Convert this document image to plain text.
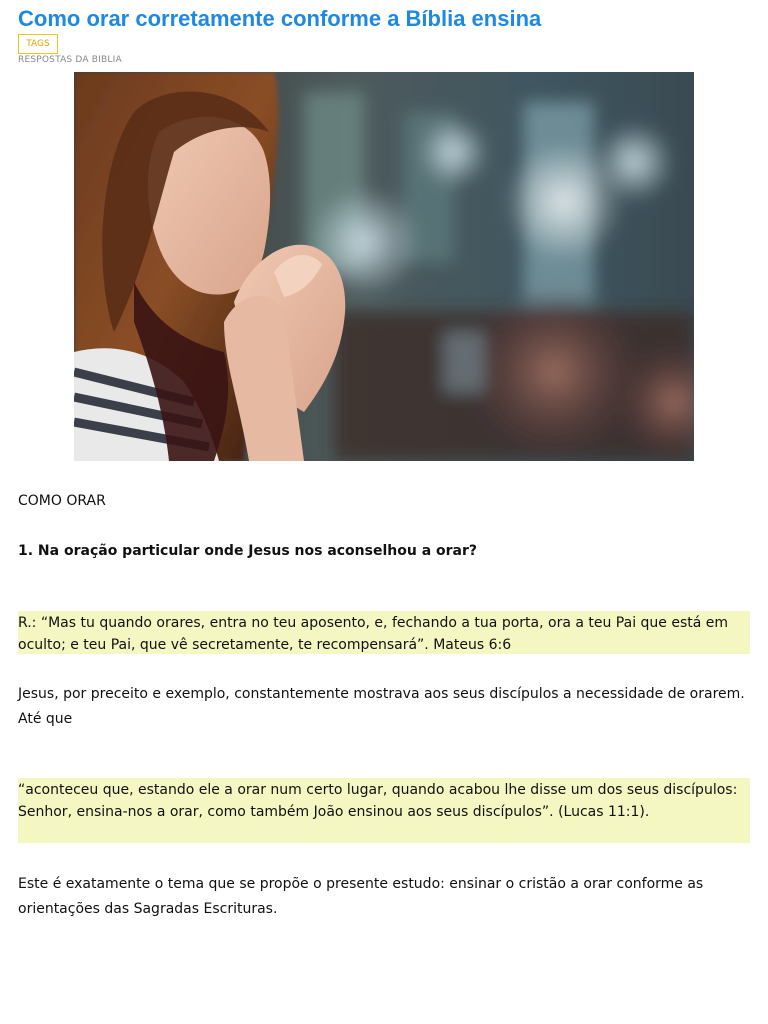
Como orar corretamente conforme a Bíblia ensina
TAGS
RESPOSTAS DA BIBLIA
COMO ORAR
1. Na oração particular onde Jesus nos aconselhou a orar?
R.: “Mas tu quando orares, entra no teu aposento, e, fechando a tua porta, ora a teu Pai que está em oculto; e teu Pai, que vê secretamente, te recompensará”. Mateus 6:6
Jesus, por preceito e exemplo, constantemente mostrava aos seus discípulos a necessidade de orarem. Até que
“aconteceu que, estando ele a orar num certo lugar, quando acabou lhe disse um dos seus discípulos: Senhor, ensina-nos a orar, como também João ensinou aos seus discípulos”. (Lucas 11:1).
Este é exatamente o tema que se propõe o presente estudo: ensinar o cristão a orar conforme as orientações das Sagradas Escrituras.
